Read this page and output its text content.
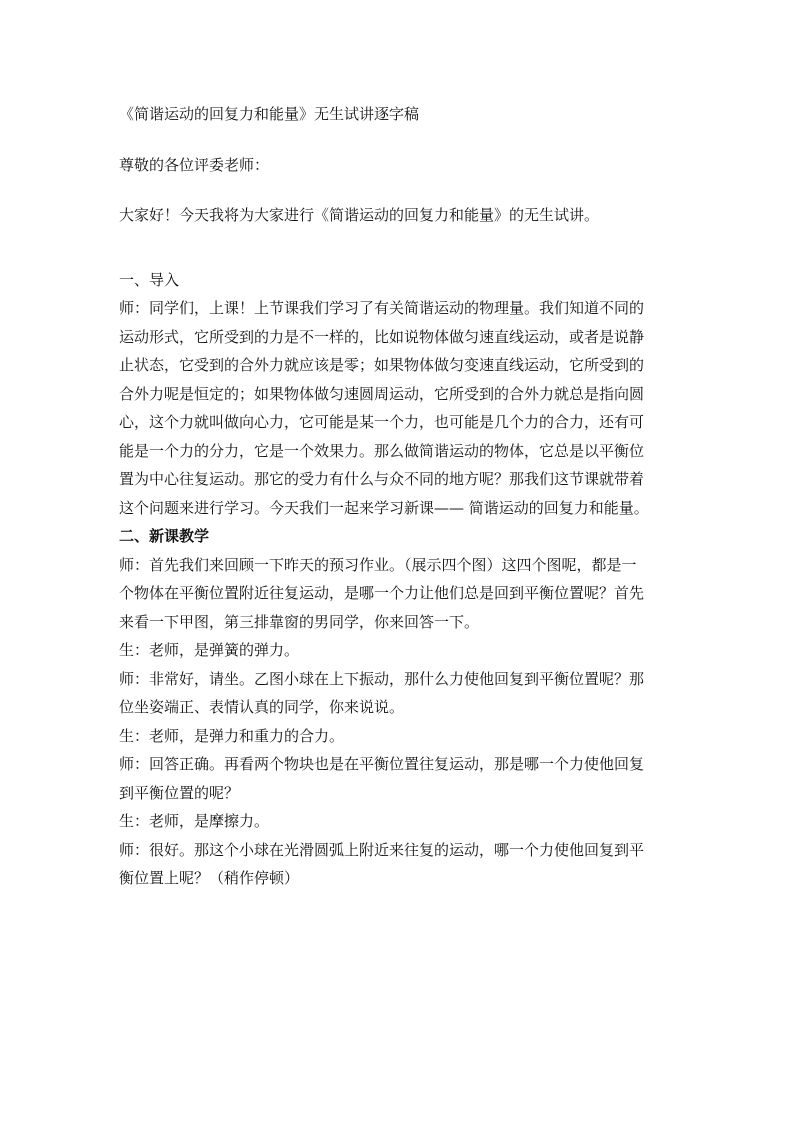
《简谐运动的回复力和能量》无生试讲逐字稿

尊敬的各位评委老师：

大家好！今天我将为大家进行《简谐运动的回复力和能量》的无生试讲。

一、导入

师：同学们，上课！上节课我们学习了有关简谐运动的物理量。我们知道不同的

运动形式，它所受到的力是不一样的，比如说物体做匀速直线运动，或者是说静

止状态，它受到的合外力就应该是零；如果物体做匀变速直线运动，它所受到的

合外力呢是恒定的；如果物体做匀速圆周运动，它所受到的合外力就总是指向圆

心，这个力就叫做向心力，它可能是某一个力，也可能是几个力的合力，还有可

能是一个力的分力，它是一个效果力。那么做简谐运动的物体，它总是以平衡位

置为中心往复运动。那它的受力有什么与众不同的地方呢？那我们这节课就带着

这个问题来进行学习。今天我们一起来学习新课—— 简谐运动的回复力和能量。

二、新课教学

师：首先我们来回顾一下昨天的预习作业。（展示四个图）这四个图呢，都是一

个物体在平衡位置附近往复运动，是哪一个力让他们总是回到平衡位置呢？首先

来看一下甲图，第三排靠窗的男同学，你来回答一下。

生：老师，是弹簧的弹力。

师：非常好，请坐。乙图小球在上下振动，那什么力使他回复到平衡位置呢？那

位坐姿端正、表情认真的同学，你来说说。

生：老师，是弹力和重力的合力。

师：回答正确。再看两个物块也是在平衡位置往复运动，那是哪一个力使他回复

到平衡位置的呢？

生：老师，是摩擦力。

师：很好。那这个小球在光滑圆弧上附近来往复的运动，哪一个力使他回复到平

衡位置上呢？（稍作停顿）
